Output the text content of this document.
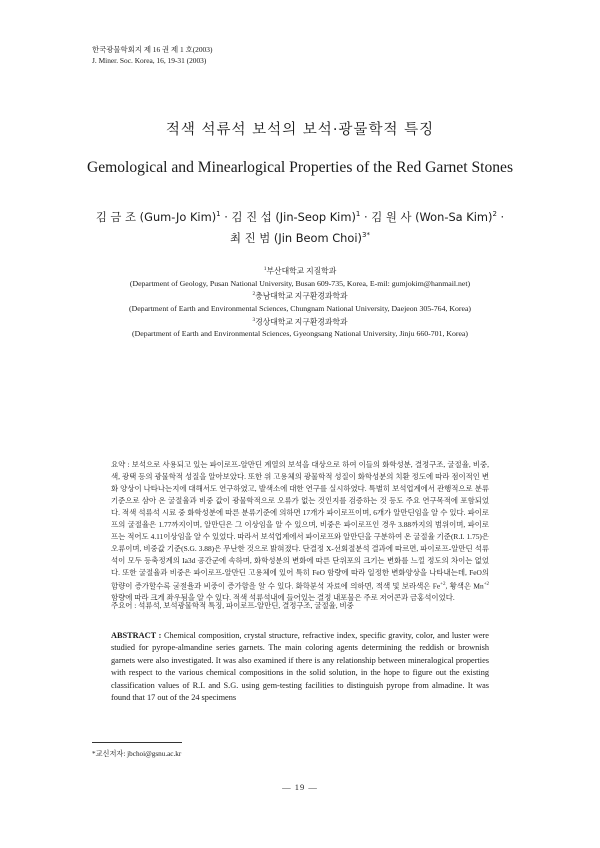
한국광물학회지 제 16 권 제 1 호(2003)
J. Miner. Soc. Korea, 16, 19-31 (2003)
적색 석류석 보석의 보석·광물학적 특징
Gemological and Minearlogical Properties of the Red Garnet Stones
김 금 조 (Gum-Jo Kim)$^1$ · 김 진 섭 (Jin-Seop Kim)$^1$ · 김 원 사 (Won-Sa Kim)$^2$ ·
최 진 범 (Jin Beom Choi)$^{3*}$
$^1$부산대학교 지질학과
(Department of Geology, Pusan National University, Busan 609-735, Korea, E-mil: gumjokim@hanmail.net)
$^2$충남대학교 지구환경과학과
(Department of Earth and Environmental Sciences, Chungnam National University, Daejeon 305-764, Korea)
$^3$경상대학교 지구환경과학과
(Department of Earth and Environmental Sciences, Gyeongsang National University, Jinju 660-701, Korea)
요약 : 보석으로 사용되고 있는 파이로프-알만딘 계열의 보석을 대상으로 하여 이들의 화학성분, 결정구조, 굴절율, 비중, 색, 광택 등의 광물학적 성질을 알아보았다. 또한 위 고용체의 광물학적 성질이 화학성분의 치환 정도에 따라 점이적인 변화 양상이 나타나는지에 대해서도 연구하였고, 발색소에 대한 연구를 실시하였다. 특별히 보석업계에서 관행적으로 분류 기준으로 삼아 온 굴절율과 비중 값이 광물학적으로 오류가 없는 것인지를 검증하는 것 등도 주요 연구목적에 포함되었다. 적색 석류석 시료 중 화학성분에 따른 분류기준에 의하면 17개가 파이로프이며, 6개가 알만딘임을 알 수 있다. 파이로프의 굴절율은 1.77까지이며, 알만딘은 그 이상임을 알 수 있으며, 비중은 파이로프인 경우 3.88까지의 범위이며, 파이로프는 적어도 4.11이상임을 알 수 있었다. 따라서 보석업계에서 파이로프와 알만딘을 구분하여 온 굴절율 기준(R.I. 1.75)은 오류이며, 비중값 기준(S.G. 3.88)은 무난한 것으로 밝혀졌다. 단결정 X-선회절분석 결과에 따르면, 파이로프-알만딘 석류석이 모두 등축정계의 Ia3d 공간군에 속하며, 화학성분의 변화에 따른 단위포의 크기는 변화를 느낄 정도의 차이는 없었다. 또한 굴절율과 비중은 파이로프-알만딘 고용체에 있어 특히 FeO 함량에 따라 일정한 변화양상을 나타내는데, FeO의 함량이 증가할수록 굴절율과 비중이 증가함을 알 수 있다. 화학분석 자료에 의하면, 적색 및 보라색은 $Fe^{+2}$, 황색은 $Mn^{+2}$ 함량에 따라 크게 좌우됨을 알 수 있다. 적색 석류석내에 들어있는 결정 내포물은 주로 저어콘과 금홍석이었다.
주요어 : 석류석, 보석광물학적 특징, 파이로프-알만딘, 결정구조, 굴절율, 비중
ABSTRACT : Chemical composition, crystal structure, refractive index, specific gravity, color, and luster were studied for pyrope-almandine series garnets. The main coloring agents determining the reddish or brownish garnets were also investigated. It was also examined if there is any relationship between mineralogical properties with respect to the various chemical compositions in the solid solution, in the hope to figure out the existing classification values of R.I. and S.G. using gem-testing facilities to distinguish pyrope from almadine. It was found that 17 out of the 24 specimens
*교신저자: jbchoi@gsnu.ac.kr
— 19 —
